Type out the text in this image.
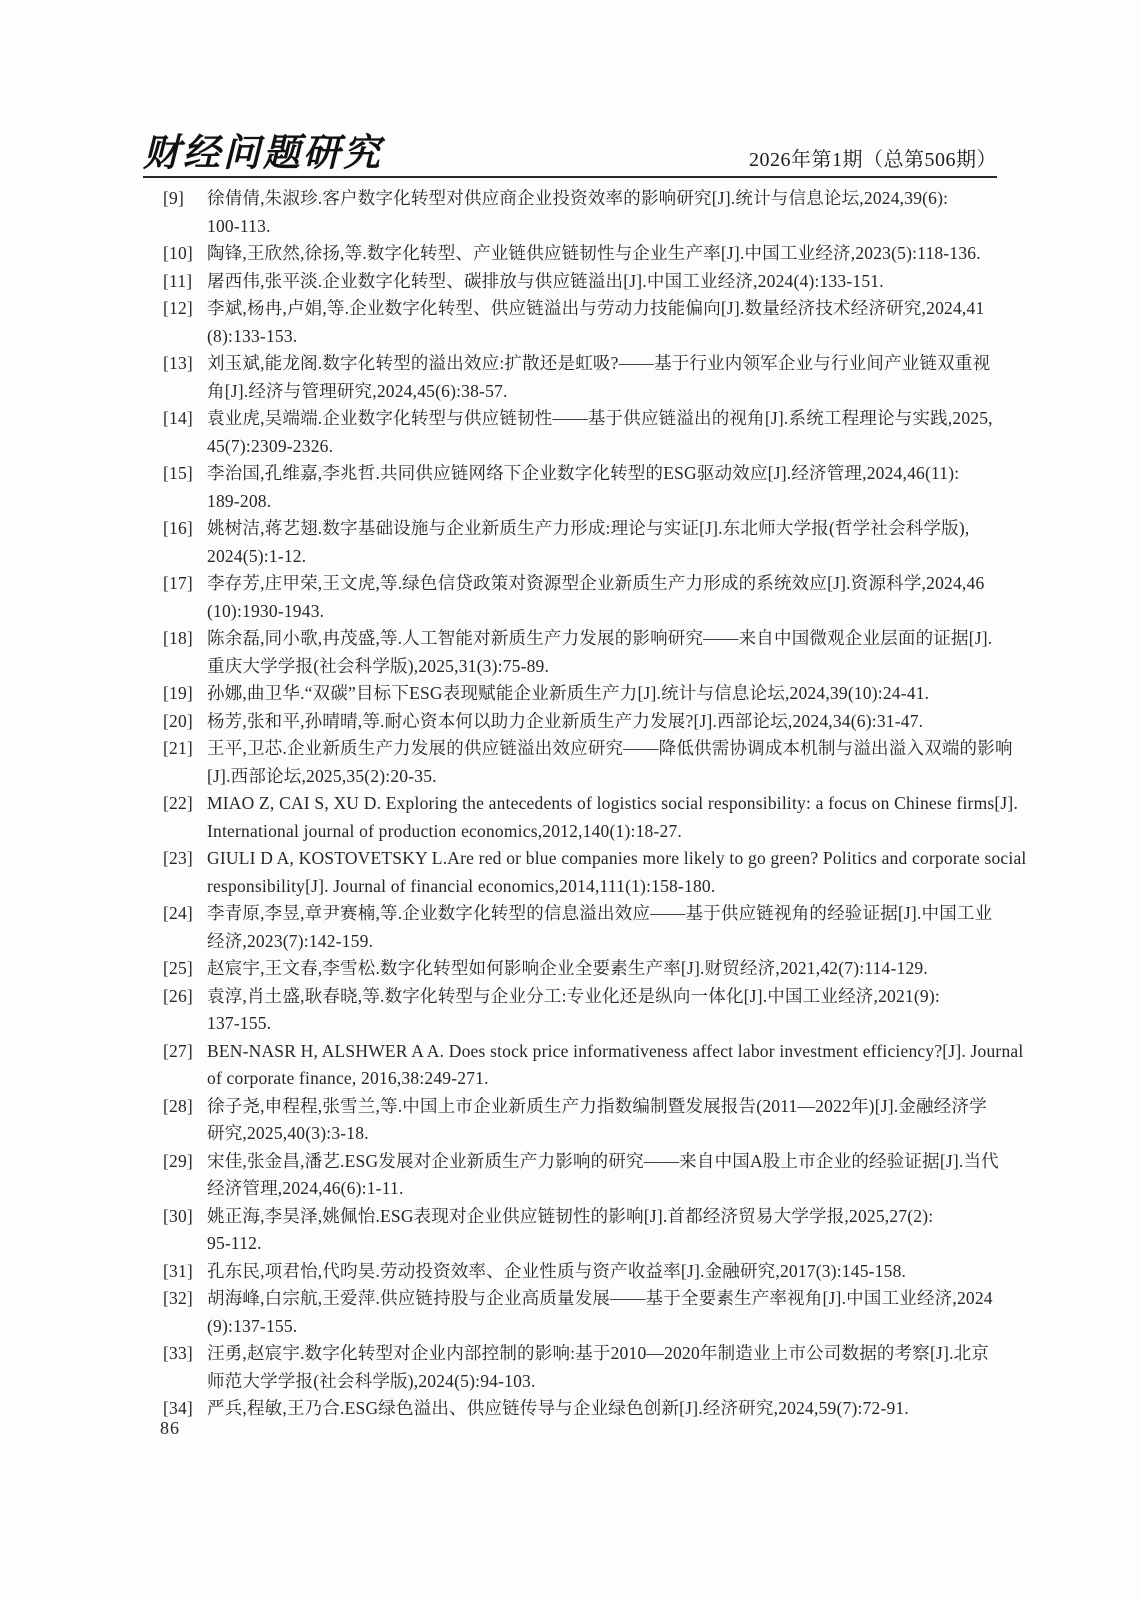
财经问题研究	2026年第1期（总第506期）
[9]	徐倩倩,朱淑珍.客户数字化转型对供应商企业投资效率的影响研究[J].统计与信息论坛,2024,39(6):
100-113.
[10] 陶锋,王欣然,徐扬,等.数字化转型、产业链供应链韧性与企业生产率[J].中国工业经济,2023(5):118-136.
[11] 屠西伟,张平淡.企业数字化转型、碳排放与供应链溢出[J].中国工业经济,2024(4):133-151.
[12] 李斌,杨冉,卢娟,等.企业数字化转型、供应链溢出与劳动力技能偏向[J].数量经济技术经济研究,2024,41
(8):133-153.
[13] 刘玉斌,能龙阁.数字化转型的溢出效应:扩散还是虹吸?——基于行业内领军企业与行业间产业链双重视
角[J].经济与管理研究,2024,45(6):38-57.
[14] 袁业虎,吴端端.企业数字化转型与供应链韧性——基于供应链溢出的视角[J].系统工程理论与实践,2025,
45(7):2309-2326.
[15] 李治国,孔维嘉,李兆哲.共同供应链网络下企业数字化转型的ESG驱动效应[J].经济管理,2024,46(11):
189-208.
[16] 姚树洁,蒋艺翅.数字基础设施与企业新质生产力形成:理论与实证[J].东北师大学报(哲学社会科学版),
2024(5):1-12.
[17] 李存芳,庄甲荣,王文虎,等.绿色信贷政策对资源型企业新质生产力形成的系统效应[J].资源科学,2024,46
(10):1930-1943.
[18] 陈余磊,同小歌,冉茂盛,等.人工智能对新质生产力发展的影响研究——来自中国微观企业层面的证据[J].
重庆大学学报(社会科学版),2025,31(3):75-89.
[19] 孙娜,曲卫华.“双碳”目标下ESG表现赋能企业新质生产力[J].统计与信息论坛,2024,39(10):24-41.
[20] 杨芳,张和平,孙晴晴,等.耐心资本何以助力企业新质生产力发展?[J].西部论坛,2024,34(6):31-47.
[21] 王平,卫芯.企业新质生产力发展的供应链溢出效应研究——降低供需协调成本机制与溢出溢入双端的影响
[J].西部论坛,2025,35(2):20-35.
[22] MIAO Z, CAI S, XU D. Exploring the antecedents of logistics social responsibility: a focus on Chinese firms[J].
International journal of production economics,2012,140(1):18-27.
[23] GIULI D A, KOSTOVETSKY L.Are red or blue companies more likely to go green? Politics and corporate social
responsibility[J]. Journal of financial economics,2014,111(1):158-180.
[24] 李青原,李昱,章尹赛楠,等.企业数字化转型的信息溢出效应——基于供应链视角的经验证据[J].中国工业
经济,2023(7):142-159.
[25] 赵宸宇,王文春,李雪松.数字化转型如何影响企业全要素生产率[J].财贸经济,2021,42(7):114-129.
[26] 袁淳,肖土盛,耿春晓,等.数字化转型与企业分工:专业化还是纵向一体化[J].中国工业经济,2021(9):
137-155.
[27] BEN-NASR H, ALSHWER A A. Does stock price informativeness affect labor investment efficiency?[J]. Journal
of corporate finance, 2016,38:249-271.
[28] 徐子尧,申程程,张雪兰,等.中国上市企业新质生产力指数编制暨发展报告(2011—2022年)[J].金融经济学
研究,2025,40(3):3-18.
[29] 宋佳,张金昌,潘艺.ESG发展对企业新质生产力影响的研究——来自中国A股上市企业的经验证据[J].当代
经济管理,2024,46(6):1-11.
[30] 姚正海,李昊泽,姚佩怡.ESG表现对企业供应链韧性的影响[J].首都经济贸易大学学报,2025,27(2):
95-112.
[31] 孔东民,项君怡,代昀昊.劳动投资效率、企业性质与资产收益率[J].金融研究,2017(3):145-158.
[32] 胡海峰,白宗航,王爱萍.供应链持股与企业高质量发展——基于全要素生产率视角[J].中国工业经济,2024
(9):137-155.
[33] 汪勇,赵宸宇.数字化转型对企业内部控制的影响:基于2010—2020年制造业上市公司数据的考察[J].北京
师范大学学报(社会科学版),2024(5):94-103.
[34] 严兵,程敏,王乃合.ESG绿色溢出、供应链传导与企业绿色创新[J].经济研究,2024,59(7):72-91.
86
